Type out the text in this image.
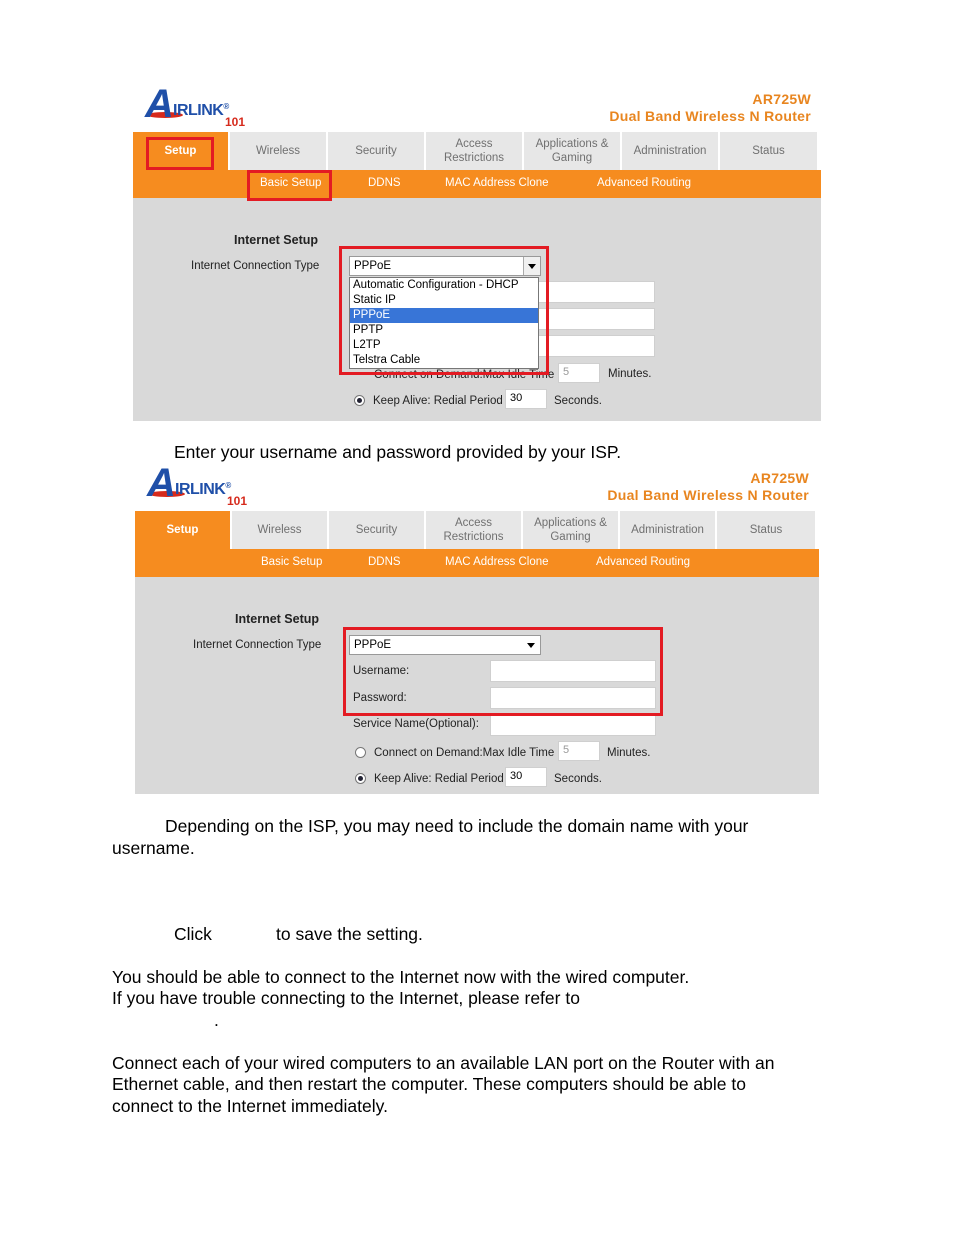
A IRLINK®
101
AR725W
Dual Band Wireless N Router
Setup	Wireless	Security
Access Restrictions
Applications & Gaming
Administration	Status
Basic Setup	DDNS	MAC Address Clone	Advanced Routing
Internet Setup
Internet Connection Type	PPPoE
Connect on Demand:Max Idle Time 5	Minutes.
Keep Alive: Redial Period 30	Seconds.
Automatic Configuration - DHCP
Static IP
PPPoE
PPTP
L2TP
Telstra Cable
Enter your username and password provided by your ISP.
A IRLINK®
101
AR725W
Dual Band Wireless N Router
Setup	Wireless	Security
Access Restrictions
Applications & Gaming
Administration	Status
Basic Setup	DDNS	MAC Address Clone	Advanced Routing
Internet Setup
Internet Connection Type	PPPoE
Username:
Password:
Service Name(Optional):
Connect on Demand:Max Idle Time 5	Minutes.
Keep Alive: Redial Period 30	Seconds.
Depending on the ISP, you may need to include the domain name with your
username.
Click	to save the setting.
You should be able to connect to the Internet now with the wired computer.
If you have trouble connecting to the Internet, please refer to
.
Connect each of your wired computers to an available LAN port on the Router with an
Ethernet cable, and then restart the computer. These computers should be able to
connect to the Internet immediately.
